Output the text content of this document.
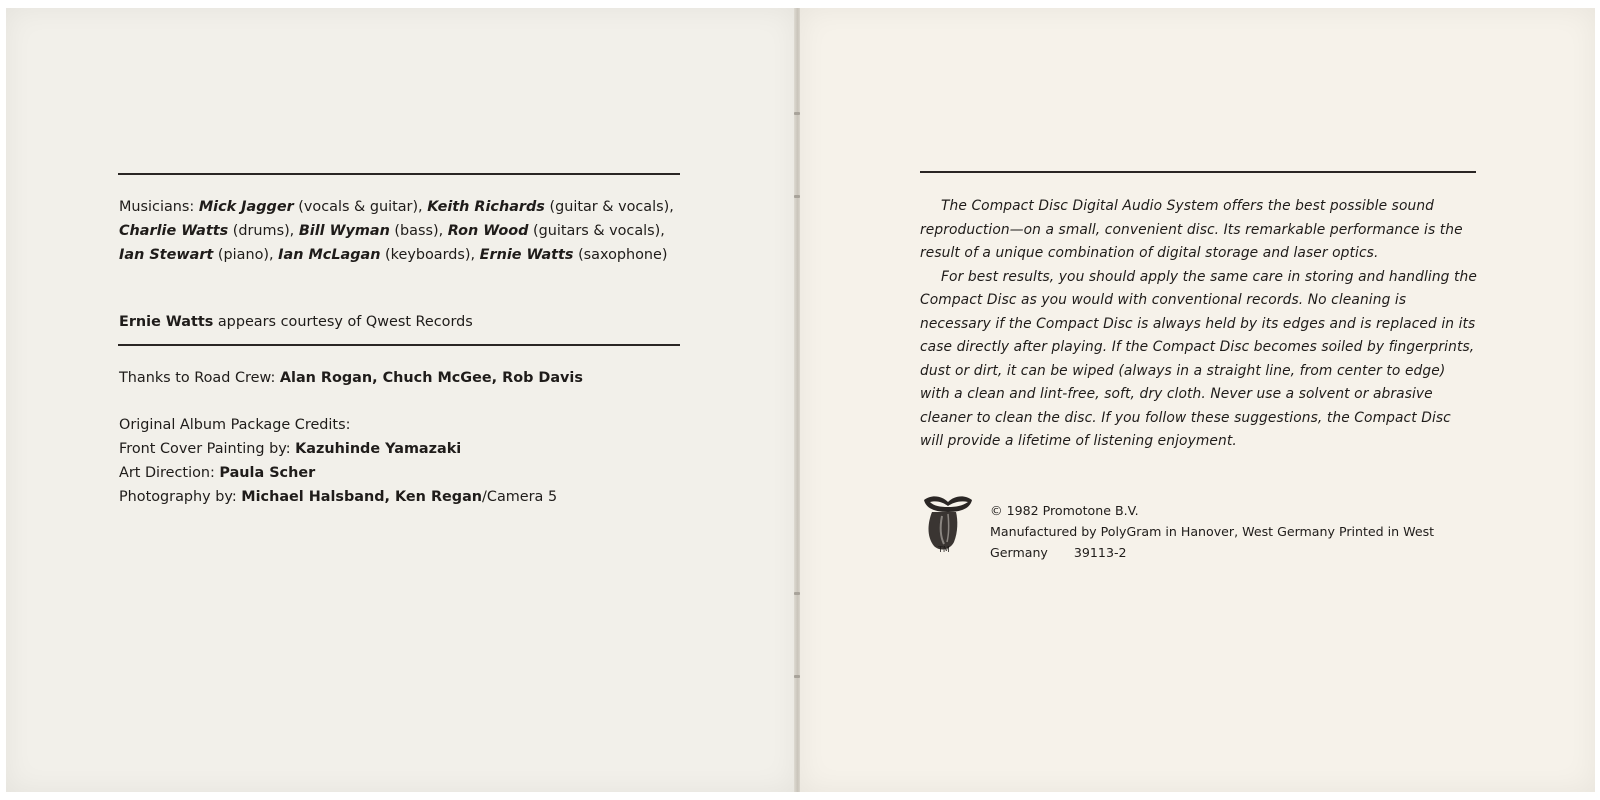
Musicians: Mick Jagger (vocals & guitar), Keith Richards (guitar & vocals), Charlie Watts (drums), Bill Wyman (bass), Ron Wood (guitars & vocals), Ian Stewart (piano), Ian McLagan (keyboards), Ernie Watts (saxophone)

Ernie Watts appears courtesy of Qwest Records

Thanks to Road Crew: Alan Rogan, Chuch McGee, Rob Davis

Original Album Package Credits:

Front Cover Painting by: Kazuhinde Yamazaki

Art Direction: Paula Scher

Photography by: Michael Halsband, Ken Regan/Camera 5

The Compact Disc Digital Audio System offers the best possible sound reproduction—on a small, convenient disc. Its remarkable performance is the result of a unique combination of digital storage and laser optics.

For best results, you should apply the same care in storing and handling the Compact Disc as you would with conventional records. No cleaning is necessary if the Compact Disc is always held by its edges and is replaced in its case directly after playing. If the Compact Disc becomes soiled by fingerprints, dust or dirt, it can be wiped (always in a straight line, from center to edge) with a clean and lint-free, soft, dry cloth. Never use a solvent or abrasive cleaner to clean the disc. If you follow these suggestions, the Compact Disc will provide a lifetime of listening enjoyment.

TM
© 1982 Promotone B.V.
Manufactured by PolyGram in Hanover, West Germany Printed in West
Germany 39113-2
